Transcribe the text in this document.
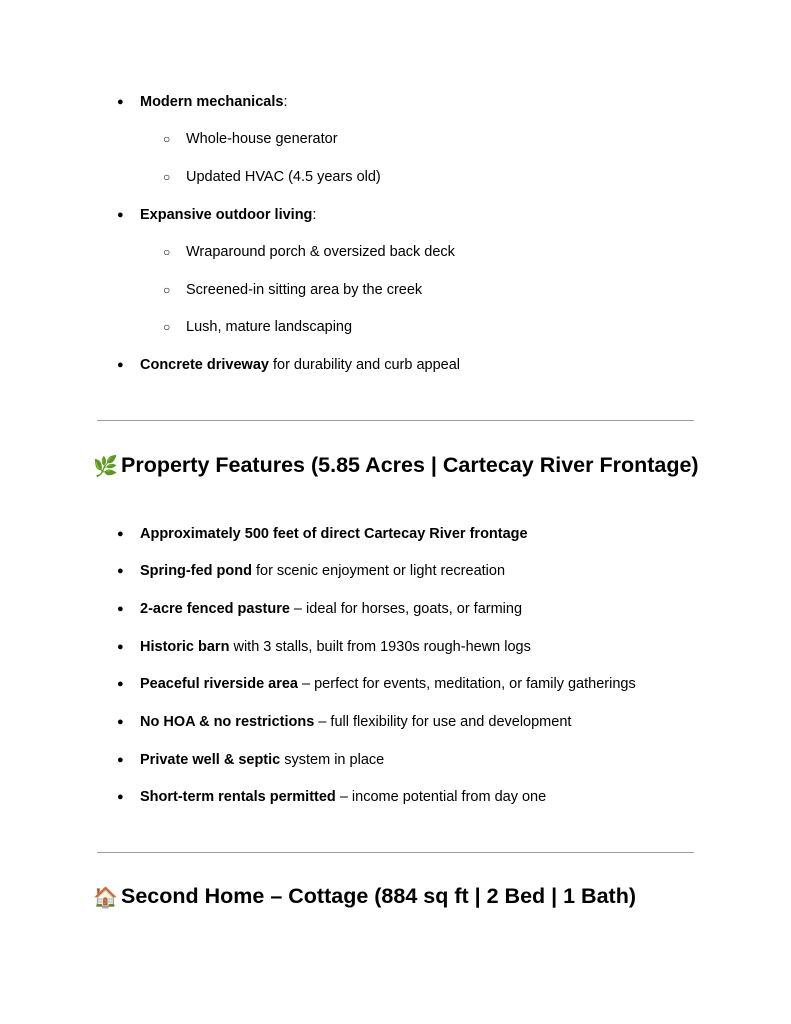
● Modern mechanicals:
○ Whole-house generator
○ Updated HVAC (4.5 years old)
● Expansive outdoor living:
○ Wraparound porch & oversized back deck
○ Screened-in sitting area by the creek
○ Lush, mature landscaping
● Concrete driveway for durability and curb appeal
🌿 Property Features (5.85 Acres | Cartecay River Frontage)
● Approximately 500 feet of direct Cartecay River frontage
● Spring-fed pond for scenic enjoyment or light recreation
● 2-acre fenced pasture – ideal for horses, goats, or farming
● Historic barn with 3 stalls, built from 1930s rough-hewn logs
● Peaceful riverside area – perfect for events, meditation, or family gatherings
● No HOA & no restrictions – full flexibility for use and development
● Private well & septic system in place
● Short-term rentals permitted – income potential from day one
🏠 Second Home – Cottage (884 sq ft | 2 Bed | 1 Bath)
